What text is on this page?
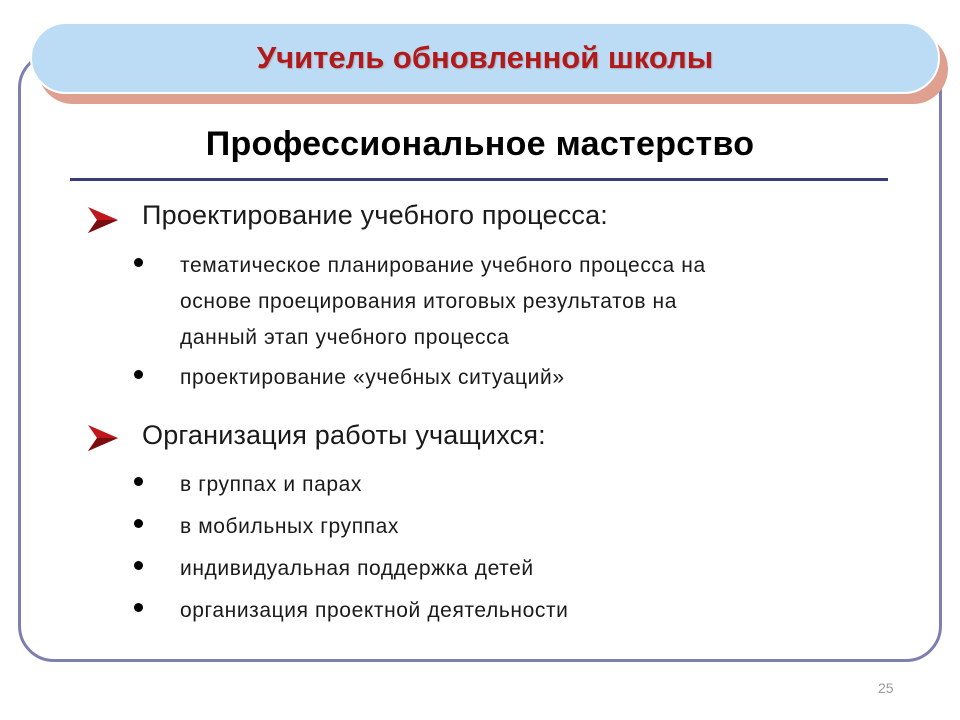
Учитель обновленной школы
Профессиональное мастерство
Проектирование учебного процесса:
тематическое планирование учебного процесса на
основе проецирования итоговых результатов на
данный этап учебного процесса
проектирование «учебных ситуаций»
Организация работы учащихся:
в группах и парах
в мобильных группах
индивидуальная поддержка детей
организация проектной деятельности
25
